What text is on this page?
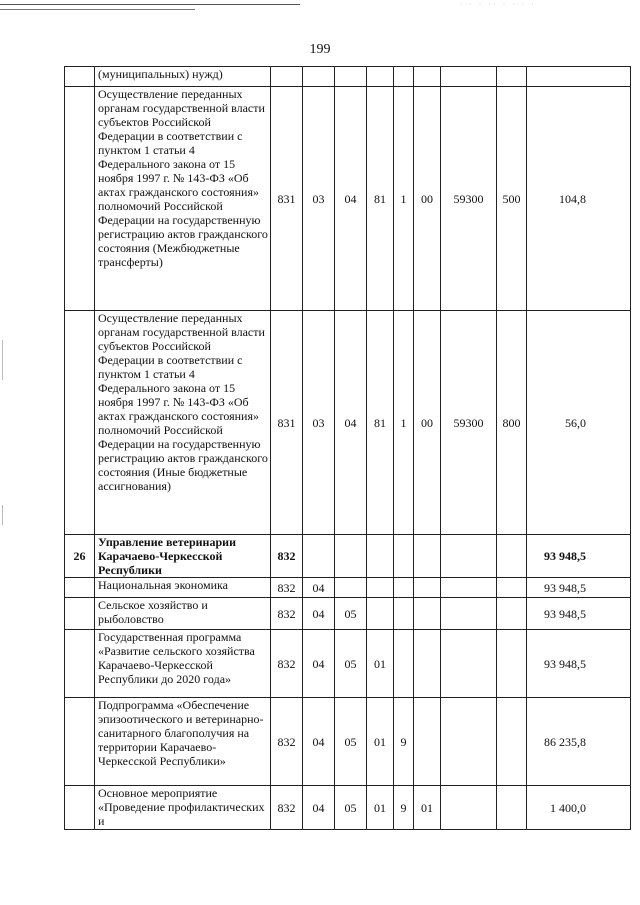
· · · ·· · · · ·
199
	(муниципальных) нужд)									
	Осуществление переданных органам государственной власти субъектов Российской Федерации в соответствии с пунктом 1 статьи 4 Федерального закона от 15 ноября 1997 г. № 143-ФЗ «Об актах гражданского состояния» полномочий Российской Федерации на государственную регистрацию актов гражданского состояния (Межбюджетные трансферты)	831	03	04	81	1	00	59300	500	104,8
	Осуществление переданных органам государственной власти субъектов Российской Федерации в соответствии с пунктом 1 статьи 4 Федерального закона от 15 ноября 1997 г. № 143-ФЗ «Об актах гражданского состояния» полномочий Российской Федерации на государственную регистрацию актов гражданского состояния (Иные бюджетные ассигнования)	831	03	04	81	1	00	59300	800	56,0
26	Управление ветеринарии Карачаево-Черкесской Республики	832								93 948,5
	Национальная экономика	832	04							93 948,5
	Сельское хозяйство и рыболовство	832	04	05						93 948,5
	Государственная программа «Развитие сельского хозяйства Карачаево-Черкесской Республики до 2020 года»	832	04	05	01					93 948,5
	Подпрограмма «Обеспечение эпизоотического и ветеринарно-санитарного благополучия на территории Карачаево-Черкесской Республики»	832	04	05	01	9				86 235,8
	Основное мероприятие «Проведение профилактических и	832	04	05	01	9	01			1 400,0
